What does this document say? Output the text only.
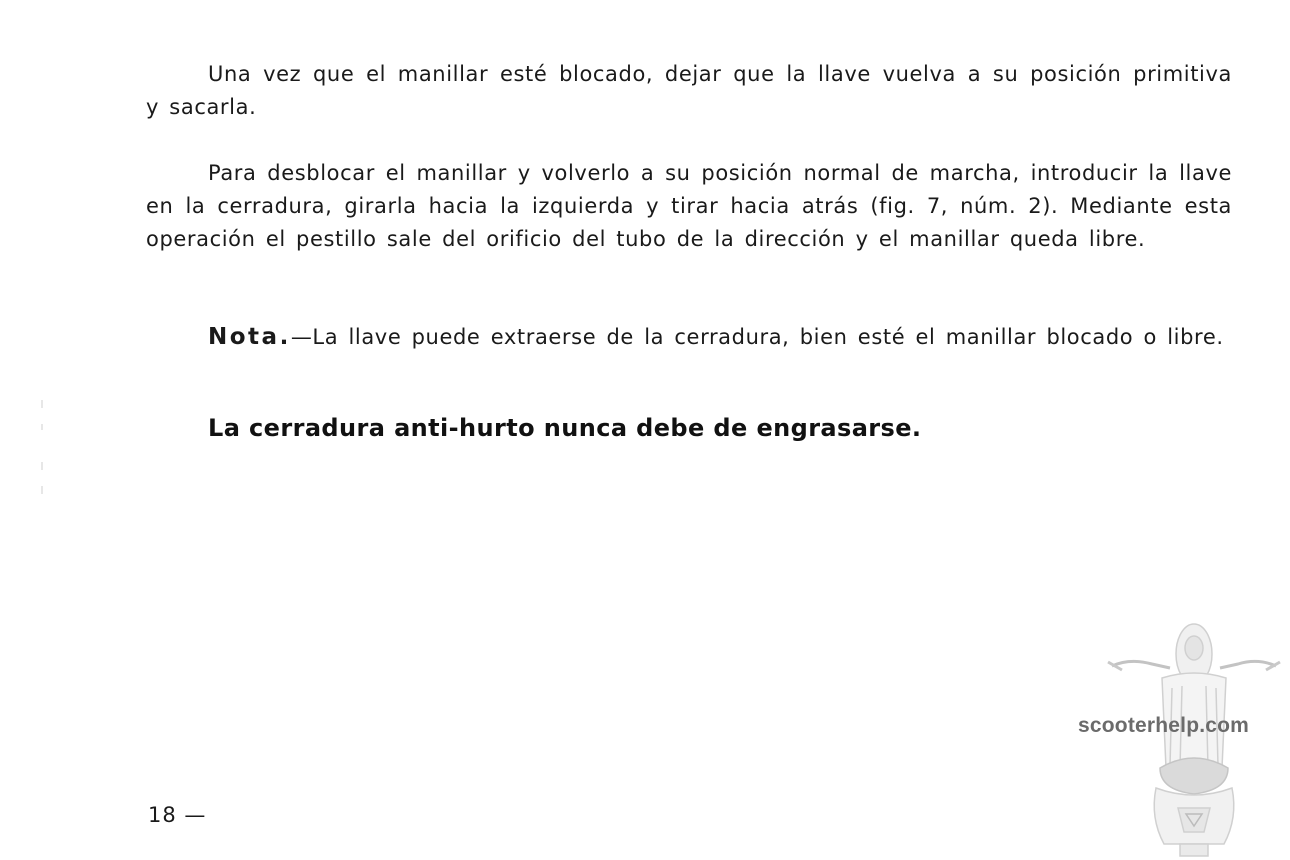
Una vez que el manillar esté blocado, dejar que la llave vuelva a su posición primitiva y sacarla.

Para desblocar el manillar y volverlo a su posición normal de marcha, introducir la llave en la cerradura, girarla hacia la izquierda y tirar hacia atrás (fig. 7, núm. 2). Mediante esta operación el pestillo sale del orificio del tubo de la dirección y el manillar queda libre.

Nota.—La llave puede extraerse de la cerradura, bien esté el manillar blocado o libre.

La cerradura anti-hurto nunca debe de engrasarse.

18 —

scooterhelp.com
